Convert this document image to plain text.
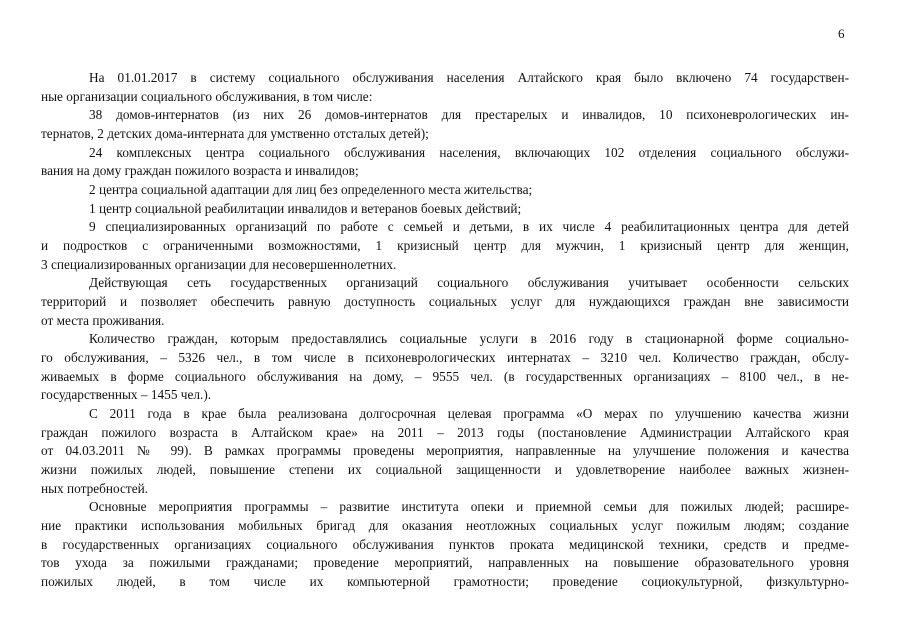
6
На 01.01.2017 в систему социального обслуживания населения Алтайского края было включено 74 государствен-
ные организации социального обслуживания, в том числе:
38 домов-интернатов (из них 26 домов-интернатов для престарелых и инвалидов, 10 психоневрологических ин-
тернатов, 2 детских дома-интерната для умственно отсталых детей);
24 комплексных центра социального обслуживания населения, включающих 102 отделения социального обслужи-
вания на дому граждан пожилого возраста и инвалидов;
2 центра социальной адаптации для лиц без определенного места жительства;
1 центр социальной реабилитации инвалидов и ветеранов боевых действий;
9 специализированных организаций по работе с семьей и детьми, в их числе 4 реабилитационных центра для детей
и подростков с ограниченными возможностями, 1 кризисный центр для мужчин, 1 кризисный центр для женщин,
3 специализированных организации для несовершеннолетних.
Действующая сеть государственных организаций социального обслуживания учитывает особенности сельских
территорий и позволяет обеспечить равную доступность социальных услуг для нуждающихся граждан вне зависимости
от места проживания.
Количество граждан, которым предоставлялись социальные услуги в 2016 году в стационарной форме социально-
го обслуживания, – 5326 чел., в том числе в психоневрологических интернатах – 3210 чел. Количество граждан, обслу-
живаемых в форме социального обслуживания на дому, – 9555 чел. (в государственных организациях – 8100 чел., в не-
государственных – 1455 чел.).
С 2011 года в крае была реализована долгосрочная целевая программа «О мерах по улучшению качества жизни
граждан пожилого возраста в Алтайском крае» на 2011 – 2013 годы (постановление Администрации Алтайского края
от 04.03.2011 № 99). В рамках программы проведены мероприятия, направленные на улучшение положения и качества
жизни пожилых людей, повышение степени их социальной защищенности и удовлетворение наиболее важных жизнен-
ных потребностей.
Основные мероприятия программы – развитие института опеки и приемной семьи для пожилых людей; расшире-
ние практики использования мобильных бригад для оказания неотложных социальных услуг пожилым людям; создание
в государственных организациях социального обслуживания пунктов проката медицинской техники, средств и предме-
тов ухода за пожилыми гражданами; проведение мероприятий, направленных на повышение образовательного уровня
пожилых людей, в том числе их компьютерной грамотности; проведение социокультурной, физкультурно-
